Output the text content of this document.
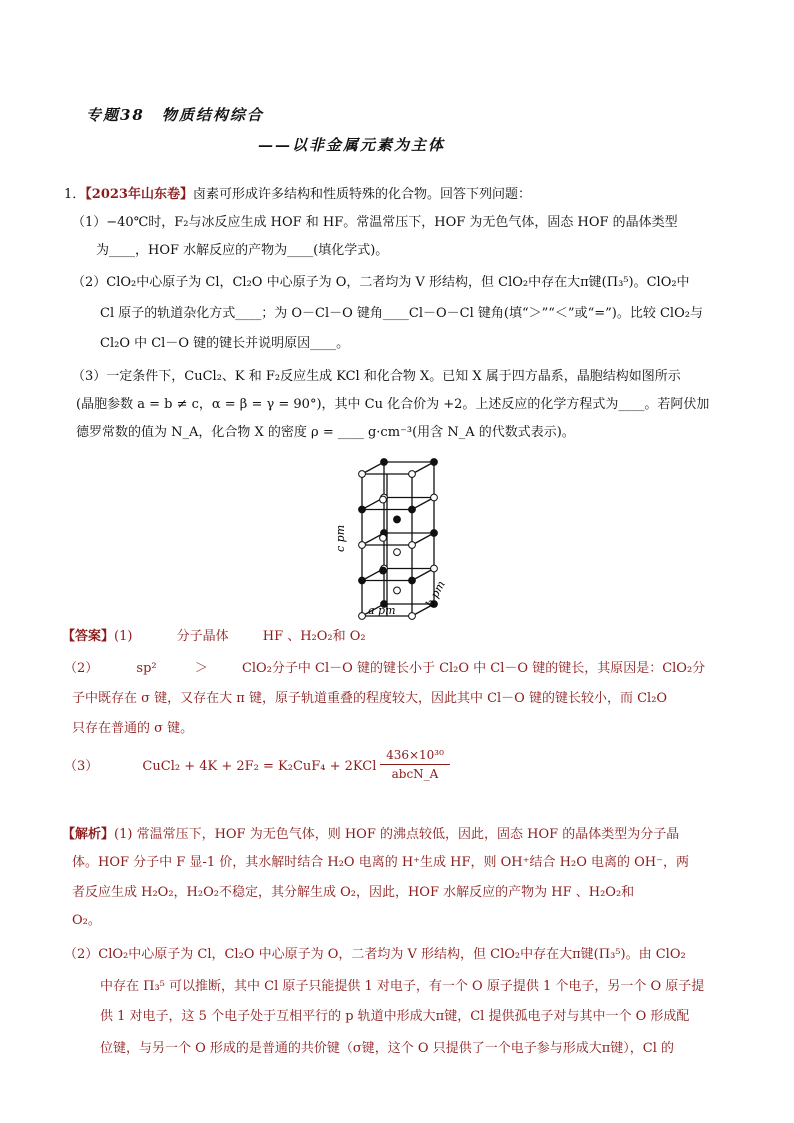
专题38　物质结构综合
——以非金属元素为主体
1．【2023年山东卷】卤素可形成许多结构和性质特殊的化合物。回答下列问题：
（1）−40℃时，F₂与冰反应生成 HOF 和 HF。常温常压下，HOF 为无色气体，固态 HOF 的晶体类型
为____，HOF 水解反应的产物为____(填化学式)。
（2）ClO₂中心原子为 Cl，Cl₂O 中心原子为 O，二者均为 V 形结构，但 ClO₂中存在大π键(Π₃⁵)。ClO₂中
Cl 原子的轨道杂化方式____；为 O－Cl－O 键角____Cl－O－Cl 键角(填“＞”“＜”或“=”)。比较 ClO₂与
Cl₂O 中 Cl－O 键的键长并说明原因____。
（3）一定条件下，CuCl₂、K 和 F₂反应生成 KCl 和化合物 X。已知 X 属于四方晶系，晶胞结构如图所示
(晶胞参数 a = b ≠ c，α = β = γ = 90°)，其中 Cu 化合价为 +2。上述反应的化学方程式为____。若阿伏加
德罗常数的值为 N_A，化合物 X 的密度 ρ = ____ g·cm⁻³(用含 N_A 的代数式表示)。
c pm
a pm
b pm
【答案】(1)	分子晶体	HF 、H₂O₂和 O₂
（2）	sp²	＞	ClO₂分子中 Cl－O 键的键长小于 Cl₂O 中 Cl－O 键的键长，其原因是：ClO₂分
子中既存在 σ 键，又存在大 π 键，原子轨道重叠的程度较大，因此其中 Cl－O 键的键长较小，而 Cl₂O
只存在普通的 σ 键。
（3）	CuCl₂ + 4K + 2F₂ = K₂CuF₄ + 2KCl
436×10³⁰
abcN_A
【解析】(1) 常温常压下，HOF 为无色气体，则 HOF 的沸点较低，因此，固态 HOF 的晶体类型为分子晶
体。HOF 分子中 F 显-1 价，其水解时结合 H₂O 电离的 H⁺生成 HF，则 OH⁺结合 H₂O 电离的 OH⁻，两
者反应生成 H₂O₂，H₂O₂不稳定，其分解生成 O₂，因此，HOF 水解反应的产物为 HF 、H₂O₂和
O₂。
（2）ClO₂中心原子为 Cl，Cl₂O 中心原子为 O，二者均为 V 形结构，但 ClO₂中存在大π键(Π₃⁵)。由 ClO₂
中存在 Π₃⁵ 可以推断，其中 Cl 原子只能提供 1 对电子，有一个 O 原子提供 1 个电子，另一个 O 原子提
供 1 对电子，这 5 个电子处于互相平行的 p 轨道中形成大π键，Cl 提供孤电子对与其中一个 O 形成配
位键，与另一个 O 形成的是普通的共价键（σ键，这个 O 只提供了一个电子参与形成大π键），Cl 的
